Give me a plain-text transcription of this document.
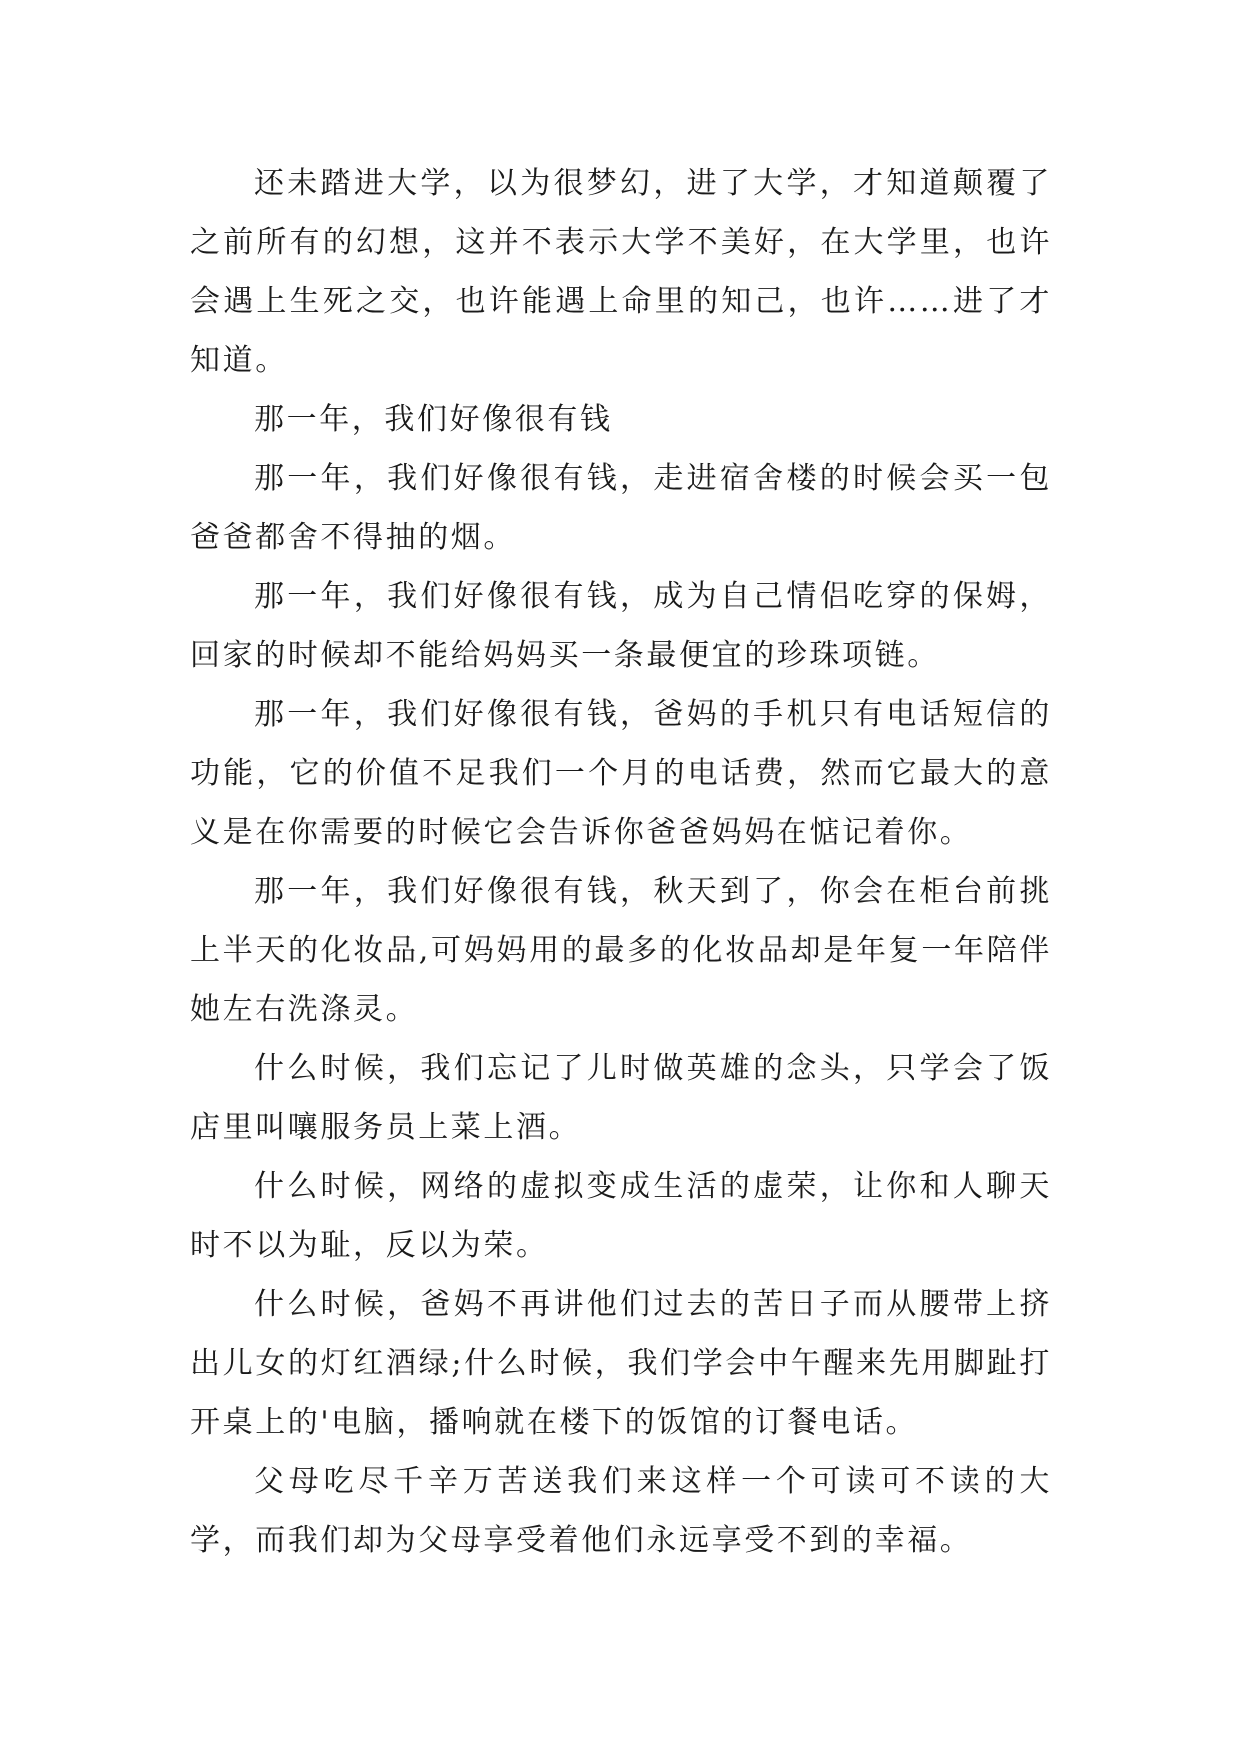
还未踏进大学，以为很梦幻，进了大学，才知道颠覆了之前所有的幻想，这并不表示大学不美好，在大学里，也许会遇上生死之交，也许能遇上命里的知己，也许……进了才知道。

那一年，我们好像很有钱

那一年，我们好像很有钱，走进宿舍楼的时候会买一包爸爸都舍不得抽的烟。

那一年，我们好像很有钱，成为自己情侣吃穿的保姆，回家的时候却不能给妈妈买一条最便宜的珍珠项链。

那一年，我们好像很有钱，爸妈的手机只有电话短信的功能，它的价值不足我们一个月的电话费，然而它最大的意义是在你需要的时候它会告诉你爸爸妈妈在惦记着你。

那一年，我们好像很有钱，秋天到了，你会在柜台前挑上半天的化妆品,可妈妈用的最多的化妆品却是年复一年陪伴她左右洗涤灵。

什么时候，我们忘记了儿时做英雄的念头，只学会了饭店里叫嚷服务员上菜上酒。

什么时候，网络的虚拟变成生活的虚荣，让你和人聊天时不以为耻，反以为荣。

什么时候，爸妈不再讲他们过去的苦日子而从腰带上挤出儿女的灯红酒绿;什么时候，我们学会中午醒来先用脚趾打开桌上的'电脑，播响就在楼下的饭馆的订餐电话。

父母吃尽千辛万苦送我们来这样一个可读可不读的大学，而我们却为父母享受着他们永远享受不到的幸福。
